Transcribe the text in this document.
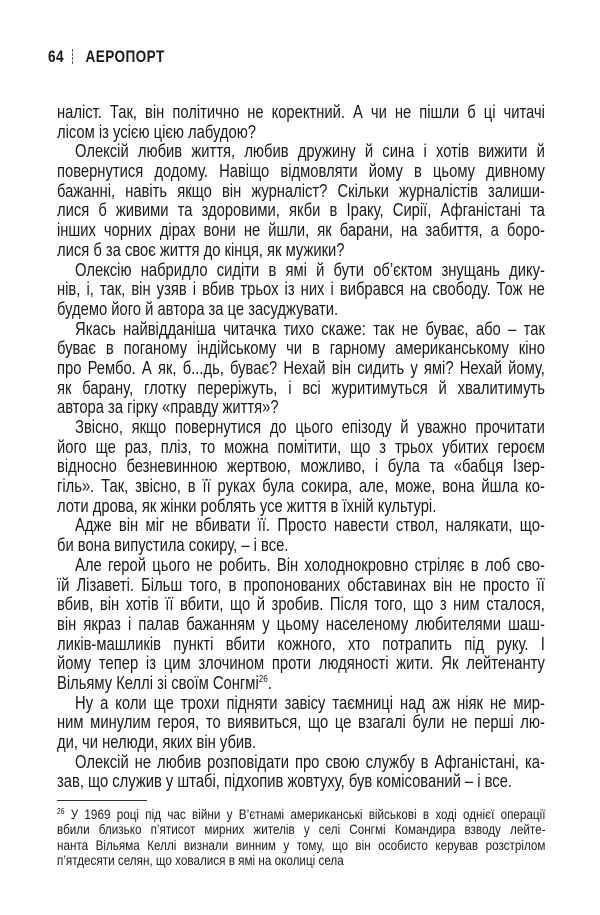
64 АЕРОПОРТ
наліст. Так, він політично не коректний. А чи не пішли б ці читачі
лісом із усією цією лабудою?
Олексій любив життя, любив дружину й сина і хотів вижити й
повернутися додому. Навіщо відмовляти йому в цьому дивному
бажанні, навіть якщо він журналіст? Скільки журналістів залиши-
лися б живими та здоровими, якби в Іраку, Сирії, Афганістані та
інших чорних дірах вони не йшли, як барани, на забиття, а боро-
лися б за своє життя до кінця, як мужики?
Олексію набридло сидіти в ямі й бути об’єктом знущань дику-
нів, і, так, він узяв і вбив трьох із них і вибрався на свободу. Тож не
будемо його й автора за це засуджувати.
Якась найвідданіша читачка тихо скаже: так не буває, або – так
буває в поганому індійському чи в гарному американському кіно
про Рембо. А як, б...дь, буває? Нехай він сидить у ямі? Нехай йому,
як барану, глотку переріжуть, і всі журитимуться й хвалитимуть
автора за гірку «правду життя»?
Звісно, якщо повернутися до цього епізоду й уважно прочитати
його ще раз, пліз, то можна помітити, що з трьох убитих героєм
відносно безневинною жертвою, можливо, і була та «бабця Ізер-
гіль». Так, звісно, в її руках була сокира, але, може, вона йшла ко-
лоти дрова, як жінки роблять усе життя в їхній культурі.
Адже він міг не вбивати її. Просто навести ствол, налякати, що-
би вона випустила сокиру, – і все.
Але герой цього не робить. Він холоднокровно стріляє в лоб сво-
їй Лізаветі. Більш того, в пропонованих обставинах він не просто її
вбив, він хотів її вбити, що й зробив. Після того, що з ним сталося,
він якраз і палав бажанням у цьому населеному любителями шаш-
ликів-машликів пункті вбити кожного, хто потрапить під руку. І
йому тепер із цим злочином проти людяності жити. Як лейтенанту
Вільяму Келлі зі своїм Сонгмі$^{26}$.
Ну а коли ще трохи підняти завісу таємниці над аж ніяк не мир-
ним минулим героя, то виявиться, що це взагалі були не перші лю-
ди, чи нелюди, яких він убив.
Олексій не любив розповідати про свою службу в Афганістані, ка-
зав, що служив у штабі, підхопив жовтуху, був комісований – і все.
$^{26}$ У 1969 році під час війни у В’єтнамі американські військові в ході однієї операції
вбили близько п’ятисот мирних жителів у селі Сонгмі Командира взводу лейте-
нанта Вільяма Келлі визнали винним у тому, що він особисто керував розстрілом
п’ятдесяти селян, що ховалися в ямі на околиці села
